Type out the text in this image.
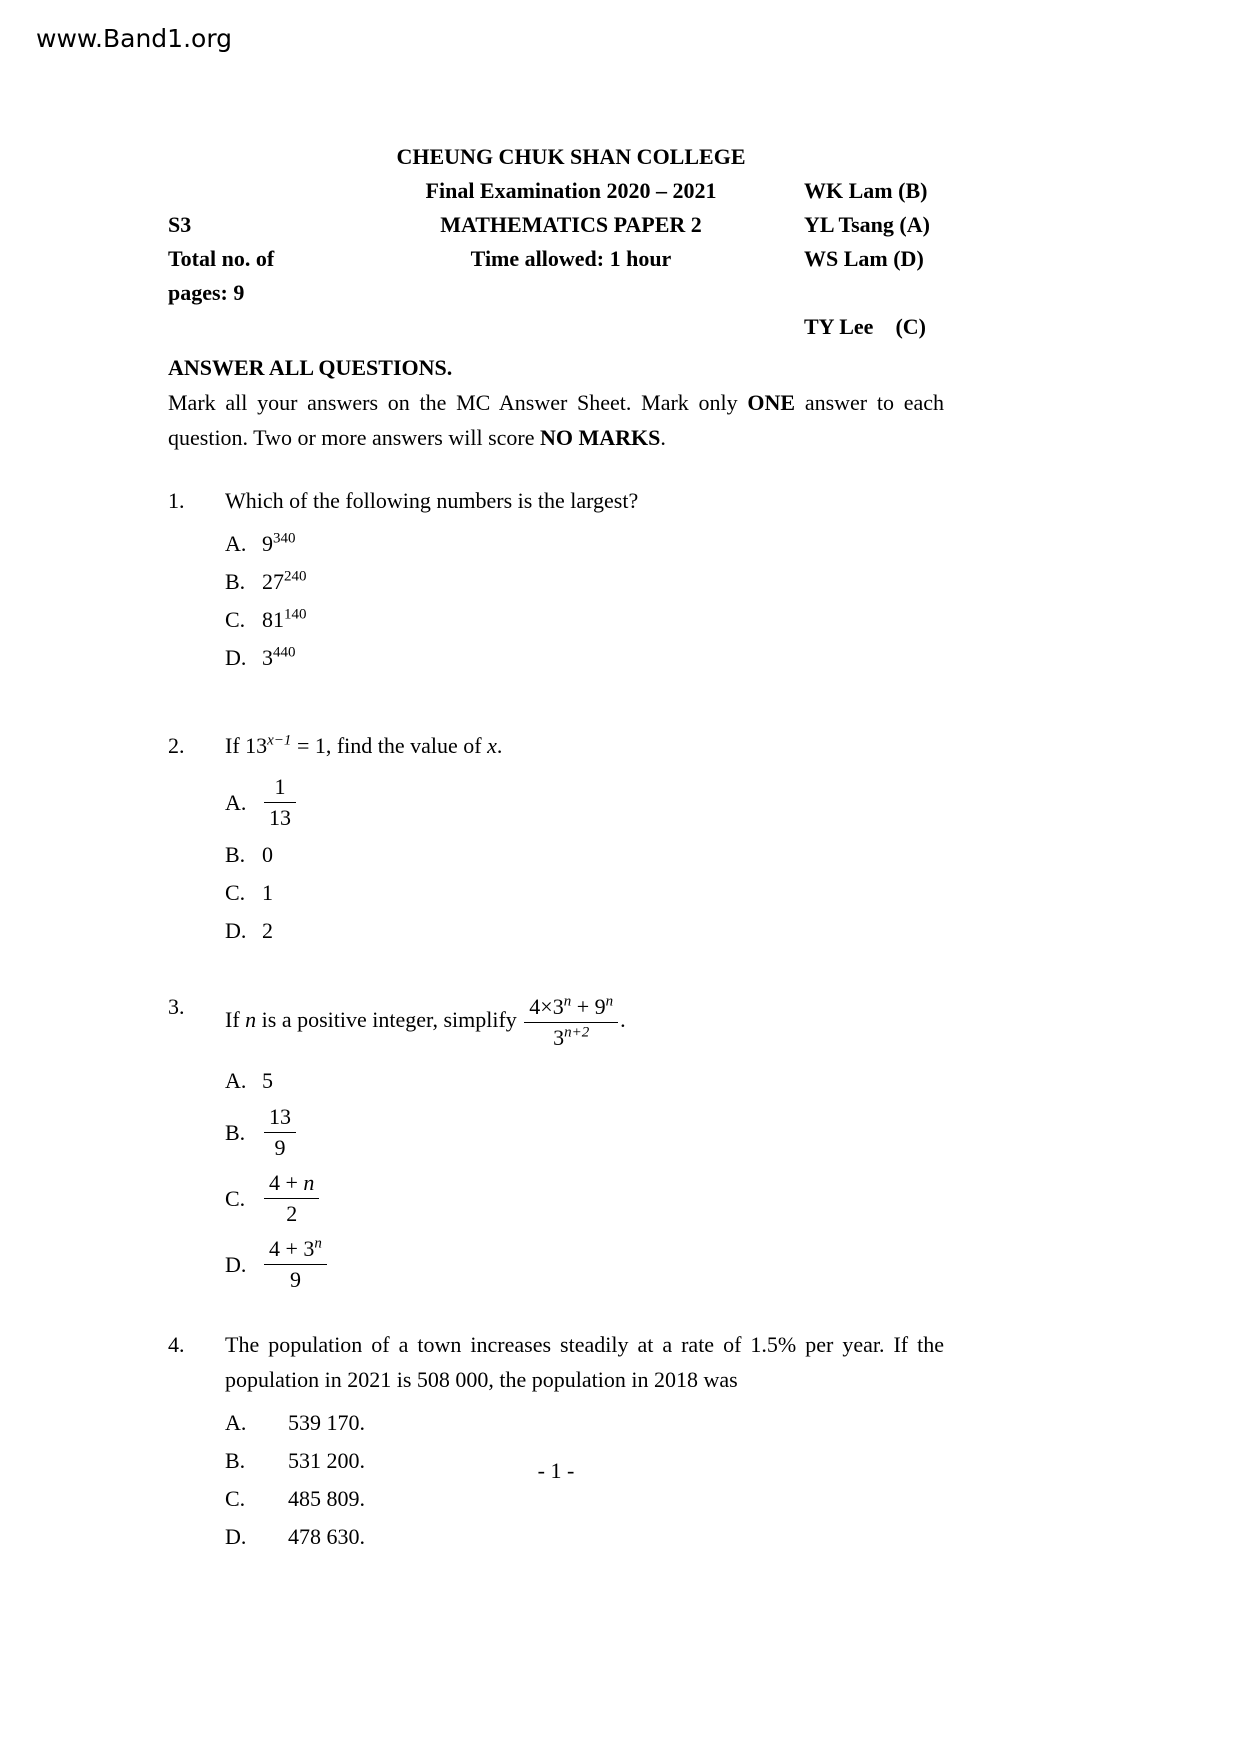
www.Band1.org
CHEUNG CHUK SHAN COLLEGE
Final Examination 2020 – 2021	WK Lam (B)
S3	MATHEMATICS PAPER 2	YL Tsang (A)
Total no. of pages: 9
Time allowed: 1 hour	WS Lam (D)
TY Lee    (C)
ANSWER ALL QUESTIONS.

Mark all your answers on the MC Answer Sheet. Mark only ONE answer to each question. Two or more answers will score NO MARKS.

1.	Which of the following numbers is the largest?
A. $9^{340}$
B. $27^{240}$
C. $81^{140}$
D. $3^{440}$
2.	If $13^{x-1} = 1$, find the value of x.
A. $\frac{1}{13}$
B. 0
C. 1
D. 2
3.
If n is a positive integer, simplify $\frac{4\times 3^n + 9^n}{3^{n+2}}$ .
A. 5
B. $\frac{13}{9}$
C. $\frac{4 + n}{2}$
D. $\frac{4 + 3^n}{9}$
4.	The population of a town increases steadily at a rate of 1.5% per year. If the population in 2021 is 508 000, the population in 2018 was
A.	539 170.
B.	531 200.
C.	485 809.
D.	478 630.
- 1 -
